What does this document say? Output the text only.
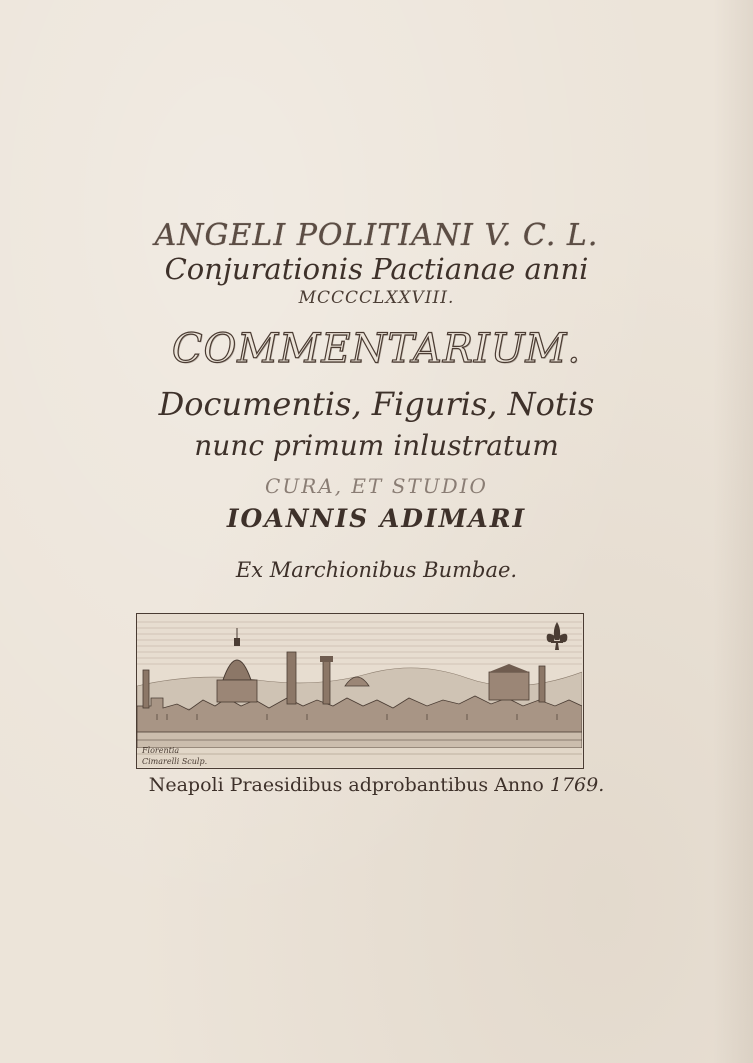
ANGELI POLITIANI V. C. L.
Conjurationis Pactianae anni
MCCCCLXXVIII.
COMMENTARIUM.
Documentis, Figuris, Notis
nunc primum inlustratum
CURA, ET STUDIO
IOANNIS ADIMARI
Ex Marchionibus Bumbae.
Florentia
Cimarelli Sculp.
Neapoli Praesidibus adprobantibus Anno 1769.
